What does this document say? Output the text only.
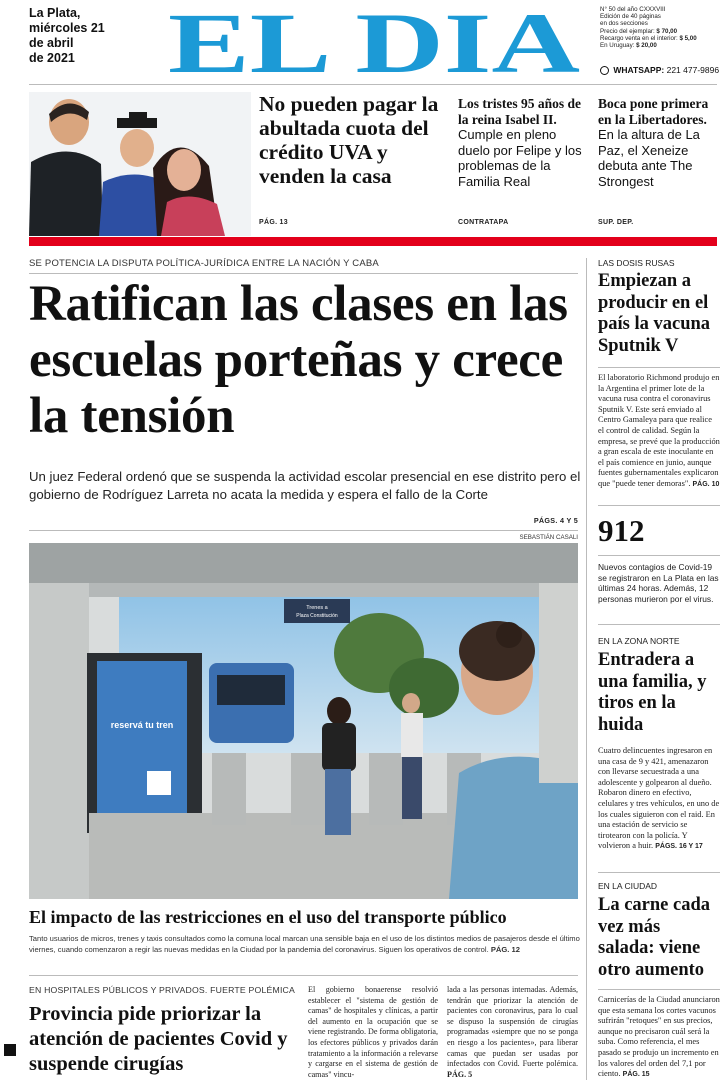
La Plata,
miércoles 21
de abril
de 2021	EL DIA	N° 50 del año CXXXVIII
Edición de 40 páginas
en dos secciones
Precio del ejemplar: $ 70,00
Recargo venta en el interior: $ 5,00
En Uruguay: $ 20,00
WHATSAPP: 221 477-9896
No pueden pagar la abultada cuota del crédito UVA y venden la casa
PÁG. 13
Los tristes 95 años de la reina Isabel II.
Cumple en pleno duelo por Felipe y los problemas de la Familia Real
CONTRATAPA
Boca pone primera en la Libertadores.
En la altura de La Paz, el Xeneize debuta ante The Strongest
SUP. DEP.
SE POTENCIA LA DISPUTA POLÍTICA-JURÍDICA ENTRE LA NACIÓN Y CABA
Ratifican las clases en las escuelas porteñas y crece la tensión
Un juez Federal ordenó que se suspenda la actividad escolar presencial en ese distrito pero el gobierno de Rodríguez Larreta no acata la medida y espera el fallo de la Corte
PÁGS. 4 Y 5
SEBASTIÁN CASALI
Trenes a
Plaza Constitución
reservá tu tren
El impacto de las restricciones en el uso del transporte público
Tanto usuarios de micros, trenes y taxis consultados como la comuna local marcan una sensible baja en el uso de los distintos medios de pasajeros desde el último viernes, cuando comenzaron a regir las nuevas medidas en la Ciudad por la pandemia del coronavirus. Siguen los operativos de control. PÁG. 12
EN HOSPITALES PÚBLICOS Y PRIVADOS. FUERTE POLÉMICA
Provincia pide priorizar la atención de pacientes Covid y suspende cirugías
El gobierno bonaerense resolvió establecer el "sistema de gestión de camas" de hospitales y clínicas, a partir del aumento en la ocupación que se viene registrando. De forma obligatoria, los efectores públicos y privados darán tratamiento a la información a relevarse y cargarse en el sistema de gestión de camas" vincu-
lada a las personas internadas. Además, tendrán que priorizar la atención de pacientes con coronavirus, para lo cual se dispuso la suspensión de cirugías programadas «siempre que no se ponga en riesgo a los pacientes», para liberar camas que puedan ser usadas por infectados con Covid. Fuerte polémica. PÁG. 5
LAS DOSIS RUSAS
Empiezan a producir en el país la vacuna Sputnik V
El laboratorio Richmond produjo en la Argentina el primer lote de la vacuna rusa contra el coronavirus Sputnik V. Este será enviado al Centro Gamaleya para que realice el control de calidad. Según la empresa, se prevé que la producción a gran escala de este inoculante en el país comience en junio, aunque fuentes gubernamentales explicaron que "puede tener demoras". PÁG. 10
912
Nuevos contagios de Covid-19 se registraron en La Plata en las últimas 24 horas. Además, 12 personas murieron por el virus.
EN LA ZONA NORTE
Entradera a una familia, y tiros en la huida
Cuatro delincuentes ingresaron en una casa de 9 y 421, amenazaron con llevarse secuestrada a una adolescente y golpearon al dueño. Robaron dinero en efectivo, celulares y tres vehículos, en uno de los cuales siguieron con el raid. En una estación de servicio se tirotearon con la policía. Y volvieron a huir. PÁGS. 16 Y 17
EN LA CIUDAD
La carne cada vez más salada: viene otro aumento
Carnicerías de la Ciudad anunciaron que esta semana los cortes vacunos sufrirán "retoques" en sus precios, aunque no precisaron cuál será la suba. Como referencia, el mes pasado se produjo un incremento en los valores del orden del 7,1 por ciento. PÁG. 15
